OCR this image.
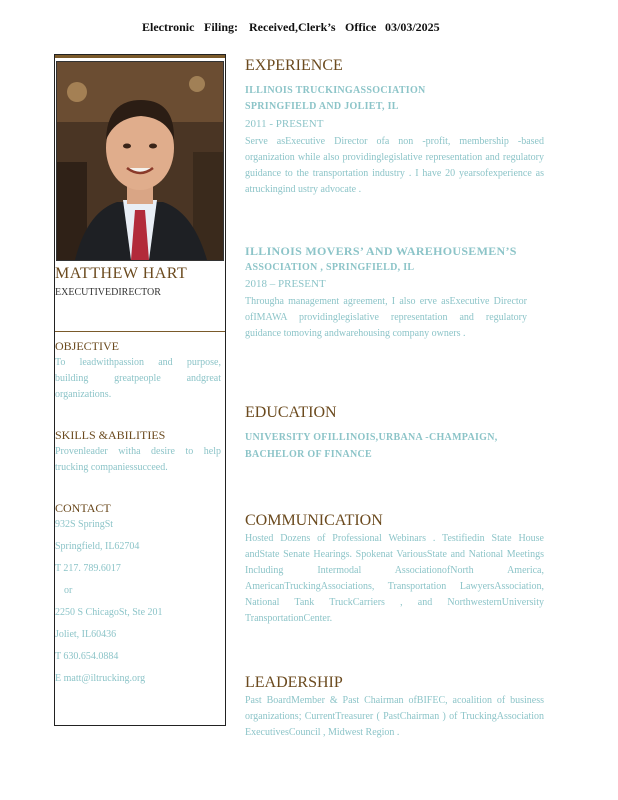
Electronic Filing: Received,Clerk’s Office 03/03/2025
MATTHEW HART
EXECUTIVEDIRECTOR
OBJECTIVE
To leadwithpassion and purpose, building greatpeople andgreat organizations.
SKILLS &ABILITIES
Provenleader witha desire to help trucking companiessucceed.
CONTACT
932S SpringSt
Springfield, IL62704
T 217. 789.6017
or
2250 S ChicagoSt, Ste 201
Joliet, IL60436
T 630.654.0884
E matt@iltrucking.org
EXPERIENCE
ILLINOIS TRUCKINGASSOCIATION
SPRINGFIELD AND JOLIET, IL
2011 - PRESENT
Serve asExecutive Director ofa non -profit, membership -based organization while also providinglegislative representation and regulatory guidance to the transportation industry . I have 20 yearsofexperience as atruckingind ustry advocate .
ILLINOIS MOVERS’ AND WAREHOUSEMEN’S
ASSOCIATION , SPRINGFIELD, IL
2018 – PRESENT
Througha management agreement, I also erve asExecutive Director ofIMAWA providinglegislative representation and regulatory guidance tomoving andwarehousing company owners .
EDUCATION
UNIVERSITY OFILLINOIS,URBANA -CHAMPAIGN,
BACHELOR OF FINANCE
COMMUNICATION
Hosted Dozens of Professional Webinars . Testifiedin State House andState Senate Hearings. Spokenat VariousState and National Meetings Including Intermodal AssociationofNorth America, AmericanTruckingAssociations, Transportation LawyersAssociation, National Tank TruckCarriers , and NorthwesternUniversity TransportationCenter.
LEADERSHIP
Past BoardMember & Past Chairman ofBIFEC, acoalition of business organizations; CurrentTreasurer ( PastChairman ) of TruckingAssociation ExecutivesCouncil , Midwest Region .
